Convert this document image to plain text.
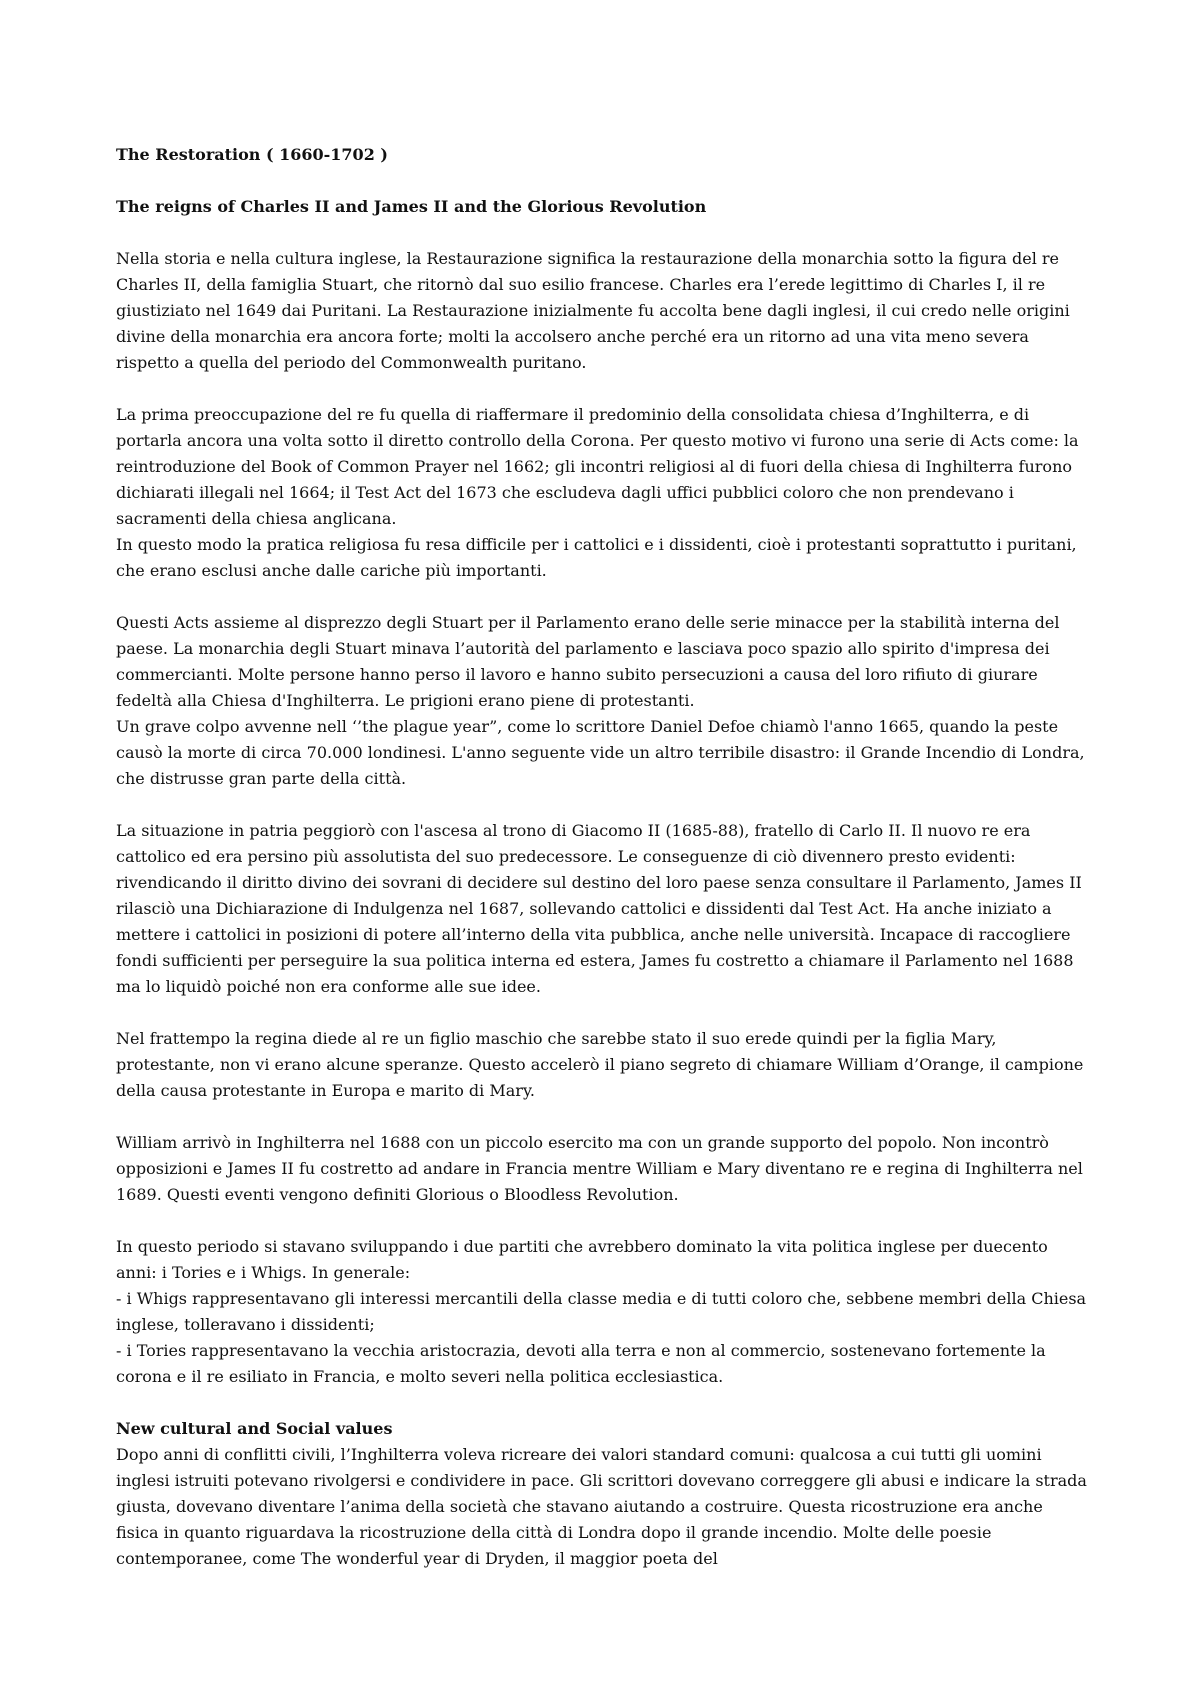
The Restoration ( 1660-1702 )

The reigns of Charles II and James II and the Glorious Revolution

Nella storia e nella cultura inglese, la Restaurazione significa la restaurazione della monarchia sotto la figura del re Charles II, della famiglia Stuart, che ritornò dal suo esilio francese. Charles era l’erede legittimo di Charles I, il re giustiziato nel 1649 dai Puritani. La Restaurazione inizialmente fu accolta bene dagli inglesi, il cui credo nelle origini divine della monarchia era ancora forte; molti la accolsero anche perché era un ritorno ad una vita meno severa rispetto a quella del periodo del Commonwealth puritano.

La prima preoccupazione del re fu quella di riaffermare il predominio della consolidata chiesa d’Inghilterra, e di portarla ancora una volta sotto il diretto controllo della Corona. Per questo motivo vi furono una serie di Acts come: la reintroduzione del Book of Common Prayer nel 1662; gli incontri religiosi al di fuori della chiesa di Inghilterra furono dichiarati illegali nel 1664; il Test Act del 1673 che escludeva dagli uffici pubblici coloro che non prendevano i sacramenti della chiesa anglicana.

In questo modo la pratica religiosa fu resa difficile per i cattolici e i dissidenti, cioè i protestanti soprattutto i puritani, che erano esclusi anche dalle cariche più importanti.

Questi Acts assieme al disprezzo degli Stuart per il Parlamento erano delle serie minacce per la stabilità interna del paese. La monarchia degli Stuart minava l’autorità del parlamento e lasciava poco spazio allo spirito d'impresa dei commercianti. Molte persone hanno perso il lavoro e hanno subito persecuzioni a causa del loro rifiuto di giurare fedeltà alla Chiesa d'Inghilterra. Le prigioni erano piene di protestanti.

Un grave colpo avvenne nell ‘’the plague year”, come lo scrittore Daniel Defoe chiamò l'anno 1665, quando la peste causò la morte di circa 70.000 londinesi. L'anno seguente vide un altro terribile disastro: il Grande Incendio di Londra, che distrusse gran parte della città.

La situazione in patria peggiorò con l'ascesa al trono di Giacomo II (1685-88), fratello di Carlo II. Il nuovo re era cattolico ed era persino più assolutista del suo predecessore. Le conseguenze di ciò divennero presto evidenti: rivendicando il diritto divino dei sovrani di decidere sul destino del loro paese senza consultare il Parlamento, James II rilasciò una Dichiarazione di Indulgenza nel 1687, sollevando cattolici e dissidenti dal Test Act. Ha anche iniziato a mettere i cattolici in posizioni di potere all’interno della vita pubblica, anche nelle università. Incapace di raccogliere fondi sufficienti per perseguire la sua politica interna ed estera, James fu costretto a chiamare il Parlamento nel 1688 ma lo liquidò poiché non era conforme alle sue idee.

Nel frattempo la regina diede al re un figlio maschio che sarebbe stato il suo erede quindi per la figlia Mary, protestante, non vi erano alcune speranze. Questo accelerò il piano segreto di chiamare William d’Orange, il campione della causa protestante in Europa e marito di Mary.

William arrivò in Inghilterra nel 1688 con un piccolo esercito ma con un grande supporto del popolo. Non incontrò opposizioni e James II fu costretto ad andare in Francia mentre William e Mary diventano re e regina di Inghilterra nel 1689. Questi eventi vengono definiti Glorious o Bloodless Revolution.

In questo periodo si stavano sviluppando i due partiti che avrebbero dominato la vita politica inglese per duecento anni: i Tories e i Whigs. In generale:

- i Whigs rappresentavano gli interessi mercantili della classe media e di tutti coloro che, sebbene membri della Chiesa inglese, tolleravano i dissidenti;

- i Tories rappresentavano la vecchia aristocrazia, devoti alla terra e non al commercio, sostenevano fortemente la corona e il re esiliato in Francia, e molto severi nella politica ecclesiastica.

New cultural and Social values

Dopo anni di conflitti civili, l’Inghilterra voleva ricreare dei valori standard comuni: qualcosa a cui tutti gli uomini inglesi istruiti potevano rivolgersi e condividere in pace. Gli scrittori dovevano correggere gli abusi e indicare la strada giusta, dovevano diventare l’anima della società che stavano aiutando a costruire. Questa ricostruzione era anche fisica in quanto riguardava la ricostruzione della città di Londra dopo il grande incendio. Molte delle poesie contemporanee, come The wonderful year di Dryden, il maggior poeta del
